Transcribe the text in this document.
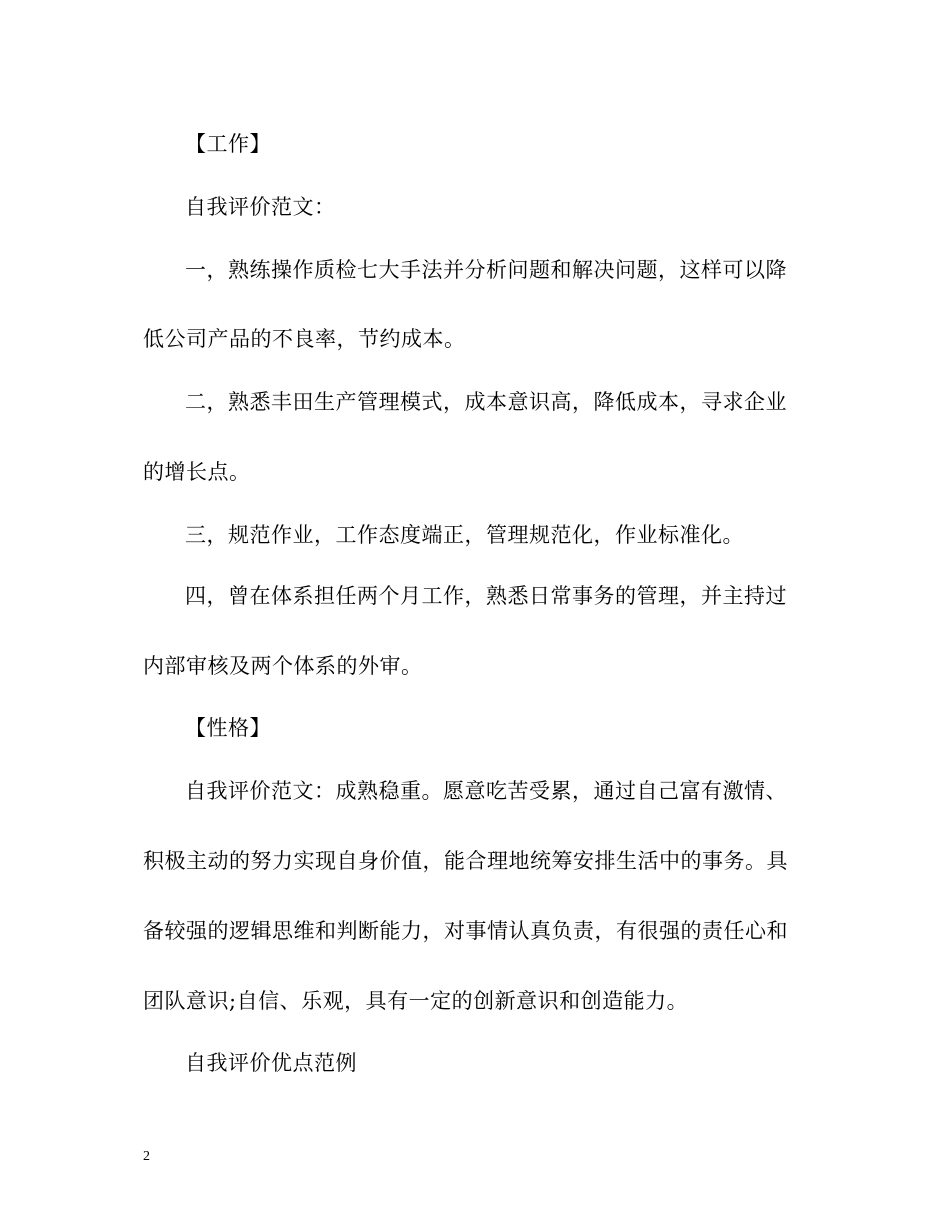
【工作】
自我评价范文：
一，熟练操作质检七大手法并分析问题和解决问题，这样可以降
低公司产品的不良率，节约成本。
二，熟悉丰田生产管理模式，成本意识高，降低成本，寻求企业
的增长点。
三，规范作业，工作态度端正，管理规范化，作业标准化。
四，曾在体系担任两个月工作，熟悉日常事务的管理，并主持过
内部审核及两个体系的外审。
【性格】
自我评价范文：成熟稳重。愿意吃苦受累，通过自己富有激情、
积极主动的努力实现自身价值，能合理地统筹安排生活中的事务。具
备较强的逻辑思维和判断能力，对事情认真负责，有很强的责任心和
团队意识;自信、乐观，具有一定的创新意识和创造能力。
自我评价优点范例
2
